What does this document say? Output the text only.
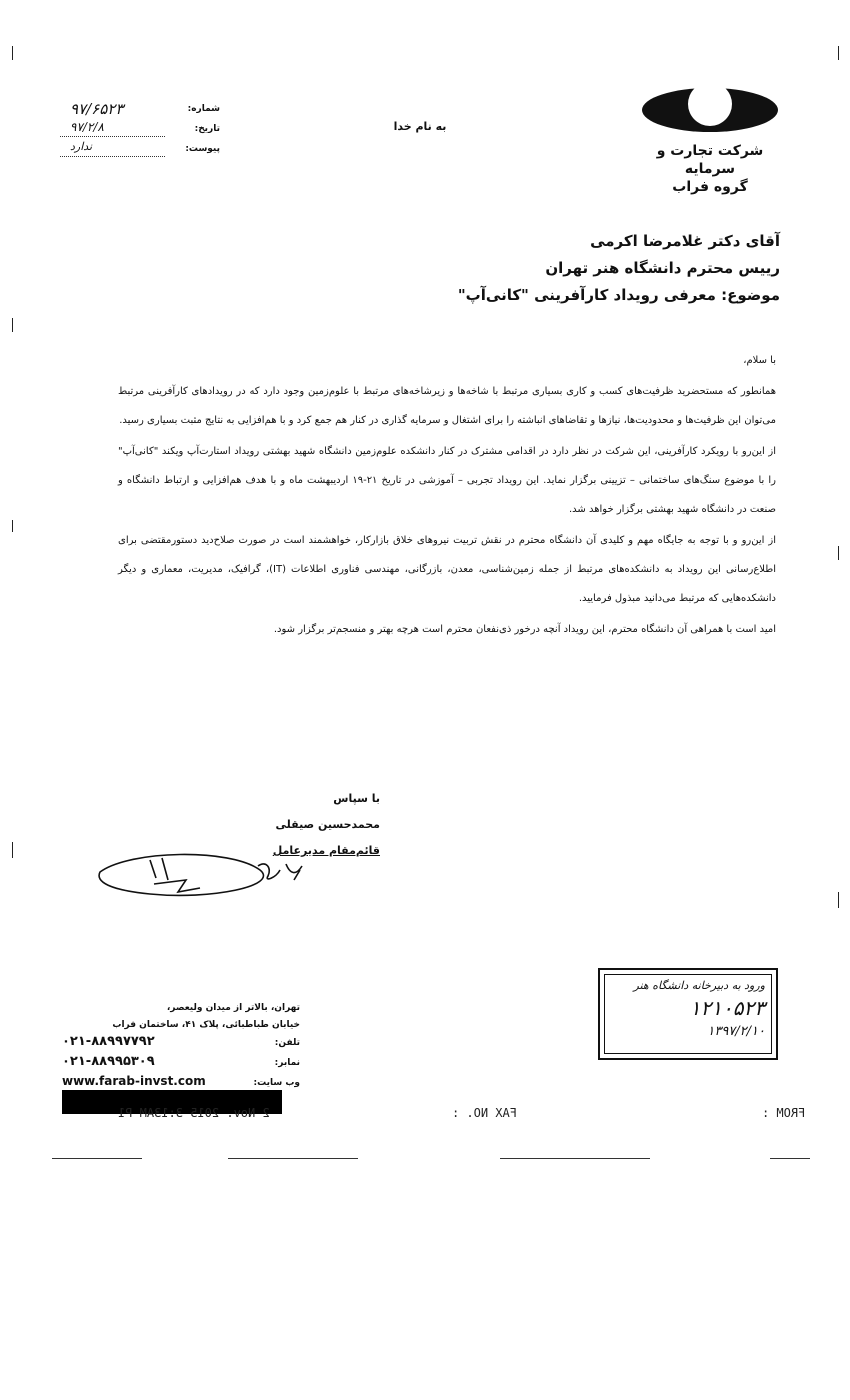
شرکت تجارت و سرمایه
گروه فراب
به نام خدا
شماره:
۹۷/۶۵۲۳
تاریخ:
۹۷/۲/۸
پیوست:
ندارد
آقای دکتر غلامرضا اکرمی
رییس محترم دانشگاه هنر تهران
موضوع: معرفی رویداد کارآفرینی "کانی‌آپ"

با سلام،

همانطور که مستحضرید ظرفیت‌های کسب و کاری بسیاری مرتبط با شاخه‌ها و زیرشاخه‌های مرتبط با علوم‌زمین وجود دارد که در رویدادهای کارآفرینی مرتبط می‌توان این ظرفیت‌ها و محدودیت‌ها، نیازها و تقاضاهای انباشته را برای اشتغال و سرمایه گذاری در کنار هم جمع کرد و با هم‌افزایی به نتایج مثبت بسیاری رسید.

از این‌رو با رویکرد کارآفرینی، این شرکت در نظر دارد در اقدامی مشترک در کنار دانشکده علوم‌زمین دانشگاه شهید بهشتی رویداد استارت‌آپ ویکند "کانی‌آپ" را با موضوع سنگ‌های ساختمانی – تزیینی برگزار نماید. این رویداد تجربی – آموزشی در تاریخ ۲۱-۱۹ اردیبهشت ماه و با هدف هم‌افزایی و ارتباط دانشگاه و صنعت در دانشگاه شهید بهشتی برگزار خواهد شد.

از این‌رو و با توجه به جایگاه مهم و کلیدی آن دانشگاه محترم در نقش تربیت نیروهای خلاق بازارکار، خواهشمند است در صورت صلاح‌دید دستورمقتضی برای اطلاع‌رسانی این رویداد به دانشکده‌های مرتبط از جمله زمین‌شناسی، معدن، بازرگانی، مهندسی فناوری اطلاعات (IT)، گرافیک، مدیریت، معماری و دیگر دانشکده‌هایی که مرتبط می‌دانید مبذول فرمایید.

امید است با همراهی آن دانشگاه محترم، این رویداد آنچه درخور ذی‌نفعان محترم است هرچه بهتر و منسجم‌تر برگزار شود.

با سپاس
محمدحسین صیقلی
قائم‌مقام مدیرعامل
ورود به دبیرخانه دانشگاه هنر
۱۲۱۰۵۲۳
۱۳۹۷/۲/۱۰
تهران، بالاتر از میدان ولیعصر،
خیابان طباطبائی، پلاک ۴۱، ساختمان فراب
تلفن:
۰۲۱-۸۸۹۹۷۷۹۲
نمابر:
۰۲۱-۸۸۹۹۵۳۰۹
وب سایت:
www.farab-invst.com
2 Nov. 2015 3:13AM P1	FAX NO. :	FROM :
